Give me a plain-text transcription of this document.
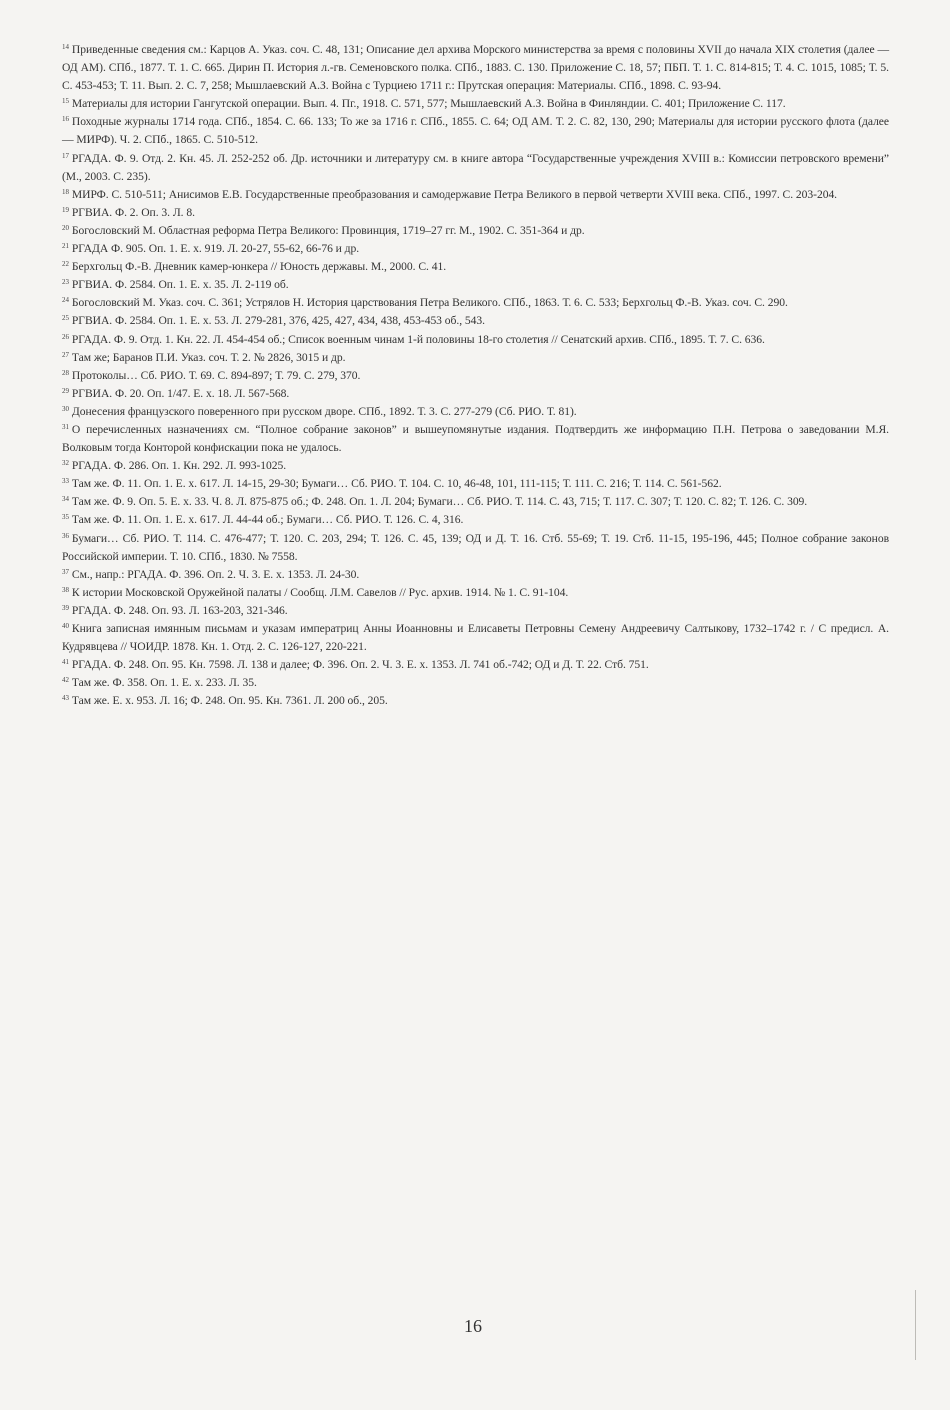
$^{14}$ Приведенные сведения см.: Карцов А. Указ. соч. С. 48, 131; Описание дел архива Морского министерства за время с половины XVII до начала XIX столетия (далее — ОД АМ). СПб., 1877. Т. 1. С. 665. Дирин П. История л.-гв. Семеновского полка. СПб., 1883. С. 130. Приложение С. 18, 57; ПБП. Т. 1. С. 814-815; Т. 4. С. 1015, 1085; Т. 5. С. 453-453; Т. 11. Вып. 2. С. 7, 258; Мышлаевский А.З. Война с Турциею 1711 г.: Прутская операция: Материалы. СПб., 1898. С. 93-94.

$^{15}$ Материалы для истории Гангутской операции. Вып. 4. Пг., 1918. С. 571, 577; Мышлаевский А.З. Война в Финляндии. С. 401; Приложение С. 117.

$^{16}$ Походные журналы 1714 года. СПб., 1854. С. 66. 133; То же за 1716 г. СПб., 1855. С. 64; ОД АМ. Т. 2. С. 82, 130, 290; Материалы для истории русского флота (далее — МИРФ). Ч. 2. СПб., 1865. С. 510-512.

$^{17}$ РГАДА. Ф. 9. Отд. 2. Кн. 45. Л. 252-252 об. Др. источники и литературу см. в книге автора “Государственные учреждения XVIII в.: Комиссии петровского времени” (М., 2003. С. 235).

$^{18}$ МИРФ. С. 510-511; Анисимов Е.В. Государственные преобразования и самодержавие Петра Великого в первой четверти XVIII века. СПб., 1997. С. 203-204.

$^{19}$ РГВИА. Ф. 2. Оп. 3. Л. 8.

$^{20}$ Богословский М. Областная реформа Петра Великого: Провинция, 1719–27 гг. М., 1902. С. 351-364 и др.

$^{21}$ РГАДА Ф. 905. Оп. 1. Е. х. 919. Л. 20-27, 55-62, 66-76 и др.

$^{22}$ Берхгольц Ф.-В. Дневник камер-юнкера // Юность державы. М., 2000. С. 41.

$^{23}$ РГВИА. Ф. 2584. Оп. 1. Е. х. 35. Л. 2-119 об.

$^{24}$ Богословский М. Указ. соч. С. 361; Устрялов Н. История царствования Петра Великого. СПб., 1863. Т. 6. С. 533; Берхгольц Ф.-В. Указ. соч. С. 290.

$^{25}$ РГВИА. Ф. 2584. Оп. 1. Е. х. 53. Л. 279-281, 376, 425, 427, 434, 438, 453-453 об., 543.

$^{26}$ РГАДА. Ф. 9. Отд. 1. Кн. 22. Л. 454-454 об.; Список военным чинам 1-й половины 18-го столетия // Сенатский архив. СПб., 1895. Т. 7. С. 636.

$^{27}$ Там же; Баранов П.И. Указ. соч. Т. 2. № 2826, 3015 и др.

$^{28}$ Протоколы… Сб. РИО. Т. 69. С. 894-897; Т. 79. С. 279, 370.

$^{29}$ РГВИА. Ф. 20. Оп. 1/47. Е. х. 18. Л. 567-568.

$^{30}$ Донесения французского поверенного при русском дворе. СПб., 1892. Т. 3. С. 277-279 (Сб. РИО. Т. 81).

$^{31}$ О перечисленных назначениях см. “Полное собрание законов” и вышеупомянутые издания. Подтвердить же информацию П.Н. Петрова о заведовании М.Я. Волковым тогда Конторой конфискации пока не удалось.

$^{32}$ РГАДА. Ф. 286. Оп. 1. Кн. 292. Л. 993-1025.

$^{33}$ Там же. Ф. 11. Оп. 1. Е. х. 617. Л. 14-15, 29-30; Бумаги… Сб. РИО. Т. 104. С. 10, 46-48, 101, 111-115; Т. 111. С. 216; Т. 114. С. 561-562.

$^{34}$ Там же. Ф. 9. Оп. 5. Е. х. 33. Ч. 8. Л. 875-875 об.; Ф. 248. Оп. 1. Л. 204; Бумаги… Сб. РИО. Т. 114. С. 43, 715; Т. 117. С. 307; Т. 120. С. 82; Т. 126. С. 309.

$^{35}$ Там же. Ф. 11. Оп. 1. Е. х. 617. Л. 44-44 об.; Бумаги… Сб. РИО. Т. 126. С. 4, 316.

$^{36}$ Бумаги… Сб. РИО. Т. 114. С. 476-477; Т. 120. С. 203, 294; Т. 126. С. 45, 139; ОД и Д. Т. 16. Стб. 55-69; Т. 19. Стб. 11-15, 195-196, 445; Полное собрание законов Российской империи. Т. 10. СПб., 1830. № 7558.

$^{37}$ См., напр.: РГАДА. Ф. 396. Оп. 2. Ч. 3. Е. х. 1353. Л. 24-30.

$^{38}$ К истории Московской Оружейной палаты / Сообщ. Л.М. Савелов // Рус. архив. 1914. № 1. С. 91-104.

$^{39}$ РГАДА. Ф. 248. Оп. 93. Л. 163-203, 321-346.

$^{40}$ Книга записная имянным письмам и указам императриц Анны Иоанновны и Елисаветы Петровны Семену Андреевичу Салтыкову, 1732–1742 г. / С предисл. А. Кудрявцева // ЧОИДР. 1878. Кн. 1. Отд. 2. С. 126-127, 220-221.

$^{41}$ РГАДА. Ф. 248. Оп. 95. Кн. 7598. Л. 138 и далее; Ф. 396. Оп. 2. Ч. 3. Е. х. 1353. Л. 741 об.-742; ОД и Д. Т. 22. Стб. 751.

$^{42}$ Там же. Ф. 358. Оп. 1. Е. х. 233. Л. 35.

$^{43}$ Там же. Е. х. 953. Л. 16; Ф. 248. Оп. 95. Кн. 7361. Л. 200 об., 205.

16
